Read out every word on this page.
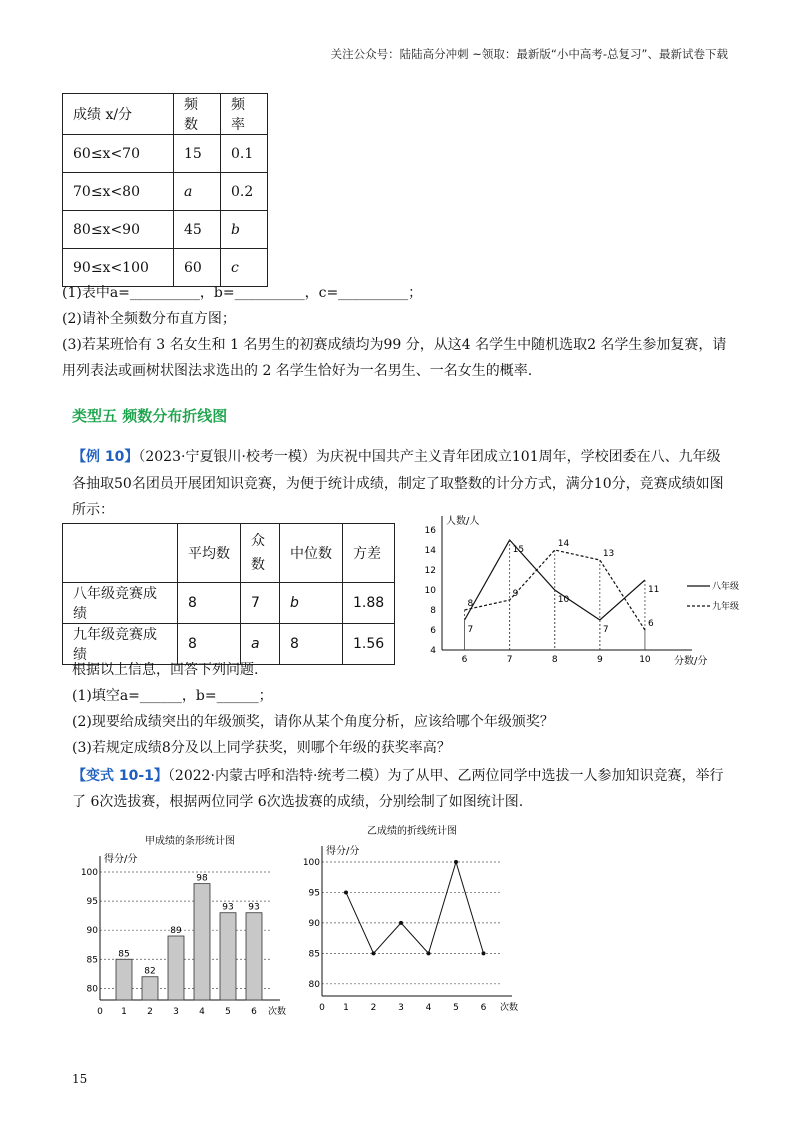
关注公众号：陆陆高分冲刺 ~领取：最新版“小中高考-总复习”、最新试卷下载
成绩 x/分	频数	频率
60≤x<70	15	0.1
70≤x<80	a	0.2
80≤x<90	45	b
90≤x<100	60	c
(1)表中a=__________，b=__________，c=__________；
(2)请补全频数分布直方图；
(3)若某班恰有 3 名女生和 1 名男生的初赛成绩均为99 分，从这4 名学生中随机选取2 名学生参加复赛，请
用列表法或画树状图法求选出的 2 名学生恰好为一名男生、一名女生的概率.
类型五 频数分布折线图
【例 10】（2023·宁夏银川·校考一模）为庆祝中国共产主义青年团成立101周年，学校团委在八、九年级
各抽取50名团员开展团知识竞赛，为便于统计成绩，制定了取整数的计分方式，满分10分，竞赛成绩如图
所示：
	平均数	众数	中位数	方差
八年级竞赛成绩	8	7	b	1.88
九年级竞赛成绩	8	a	8	1.56
人数/人
分数/分
4
6
8
10
12
14
16
6	7	8	9	10
7
15
10
7
11	八年级
8
9
14
13
6
九年级
根据以上信息，回答下列问题.
(1)填空a=______，b=______；
(2)现要给成绩突出的年级颁奖，请你从某个角度分析，应该给哪个年级颁奖？
(3)若规定成绩8分及以上同学获奖，则哪个年级的获奖率高？
【变式 10-1】（2022·内蒙古呼和浩特·统考二模）为了从甲、乙两位同学中选拔一人参加知识竞赛，举行
了 6次选拔赛，根据两位同学 6次选拔赛的成绩，分别绘制了如图统计图.
甲成绩的条形统计图
得分/分
80
85
90
95
100
0	次数
85
1
82
2
89
3
98
4
93
5
93
6
乙成绩的折线统计图
得分/分
80
85
90
95
100
0	次数
1 2 3 4 5 6
15
